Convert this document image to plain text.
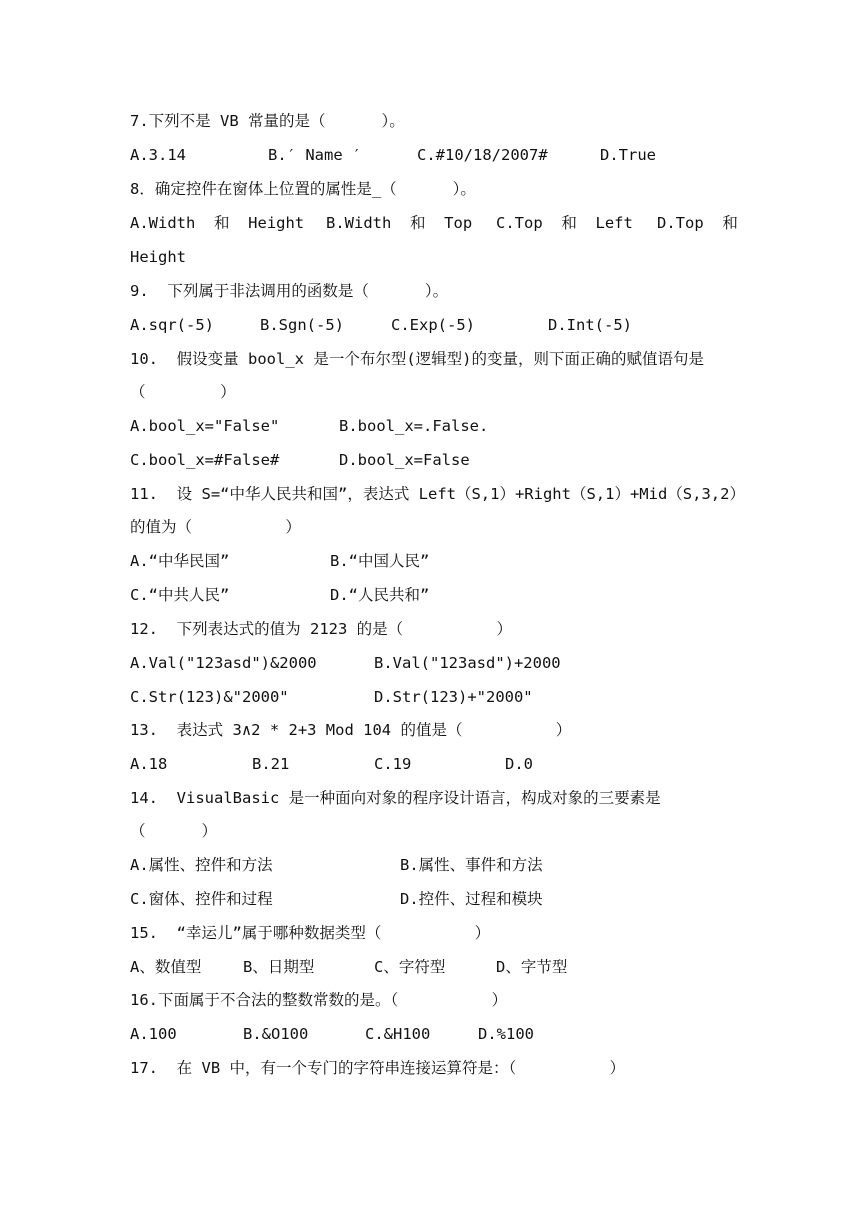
7.下列不是 VB 常量的是（      ）。

A.3.14

	B.′ Name ′

	C.#10/18/2007#

	D.True

8．确定控件在窗体上位置的属性是_（      ）。

A.Width  和  Height

B.Width  和  Top

C.Top  和  Left

D.Top  和

Height
9.  下列属于非法调用的函数是（      ）。

A.sqr(-5)

	B.Sgn(-5)

	C.Exp(-5)

	D.Int(-5)

10.  假设变量 bool_x 是一个布尔型(逻辑型)的变量，则下面正确的赋值语句是
（        ）

A.bool_x="False"

	B.bool_x=.False.

C.bool_x=#False#

	D.bool_x=False

11.  设 S=“中华人民共和国”，表达式 Left（S,1）+Right（S,1）+Mid（S,3,2）
的值为（          ）

A.“中华民国”

	B.“中国人民”

C.“中共人民”

	D.“人民共和”

12.  下列表达式的值为 2123 的是（          ）

A.Val("123asd")&2000

	B.Val("123asd")+2000

C.Str(123)&"2000"

	D.Str(123)+"2000"

13.  表达式 3∧2 * 2+3 Mod 104 的值是（          ）

A.18

	B.21

	C.19

	D.0

14.  VisualBasic 是一种面向对象的程序设计语言，构成对象的三要素是
（      ）

A.属性、控件和方法

	B.属性、事件和方法

C.窗体、控件和过程

	D.控件、过程和模块

15.  “幸运儿”属于哪种数据类型（          ）

A、数值型

	B、日期型

	C、字符型

	D、字节型

16.下面属于不合法的整数常数的是。（          ）

A.100

	B.&O100

	C.&H100

	D.%100

17.  在 VB 中，有一个专门的字符串连接运算符是：（          ）
